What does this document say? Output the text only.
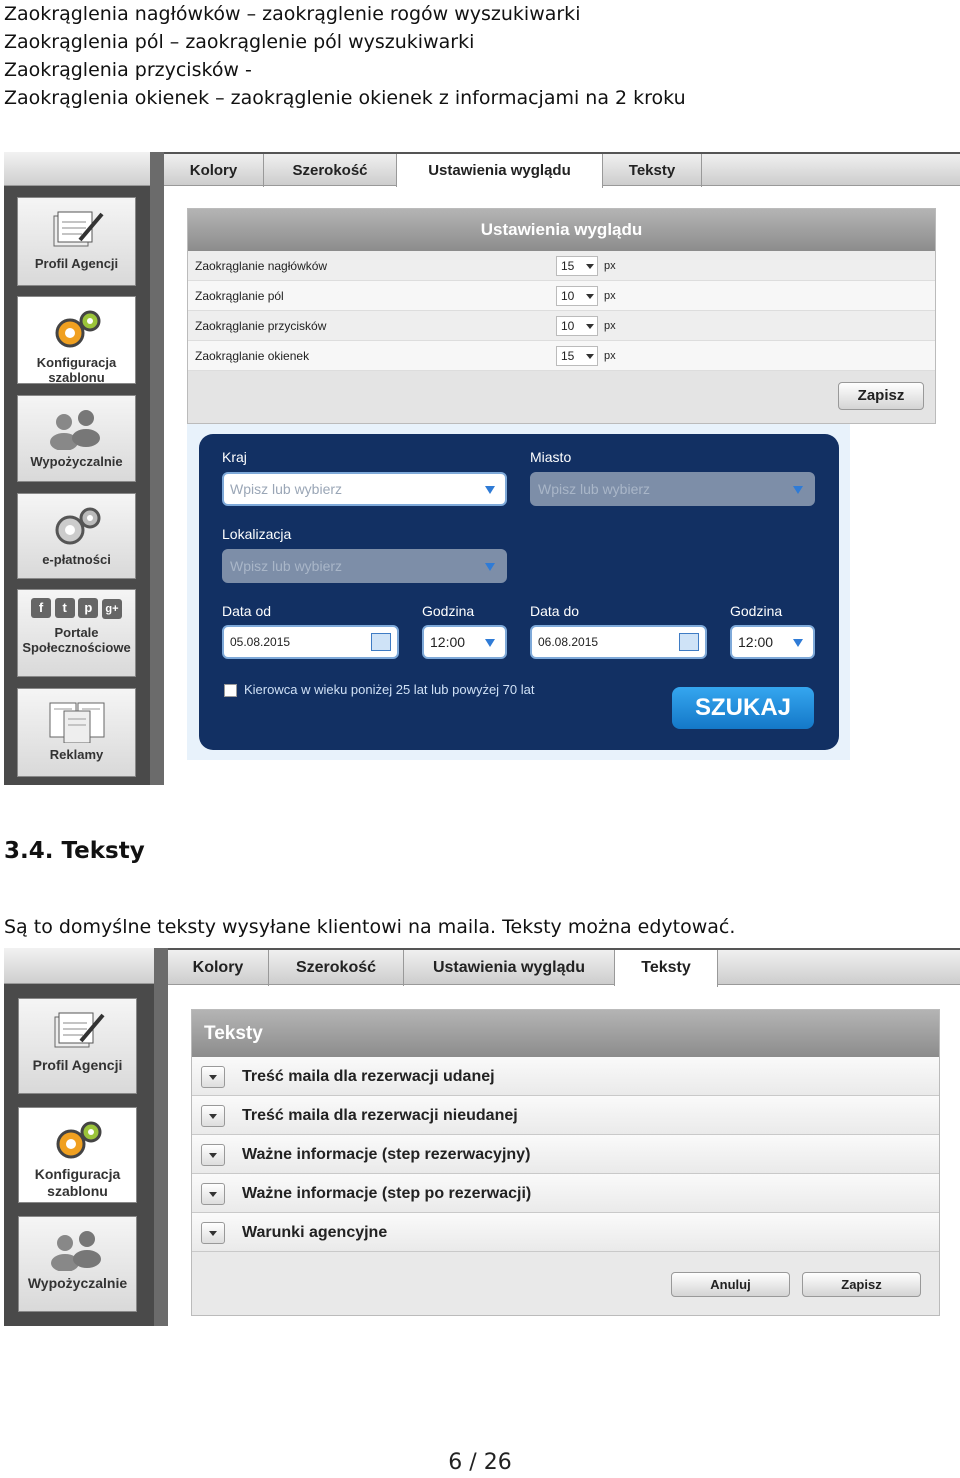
Zaokrąglenia nagłówków – zaokrąglenie rogów wyszukiwarki
Zaokrąglenia pól – zaokrąglenie pól wyszukiwarki
Zaokrąglenia przycisków -
Zaokrąglenia okienek – zaokrąglenie okienek z informacjami na 2 kroku
Profil Agencji
Konfiguracja szablonu
Wypożyczalnie
e-płatności
f t p g+
Portale Społecznościowe
Reklamy
Kolory	Szerokość	Ustawienia wyglądu	Teksty
Ustawienia wyglądu
Zaokrąglanie nagłówków	15	px
Zaokrąglanie pól	10	px
Zaokrąglanie przycisków	10	px
Zaokrąglanie okienek	15	px
Zapisz
Kraj
Wpisz lub wybierz
Miasto
Wpisz lub wybierz
Lokalizacja
Wpisz lub wybierz
Data od
05.08.2015
Godzina
12:00
Data do
06.08.2015
Godzina
12:00
Kierowca w wieku poniżej 25 lat lub powyżej 70 lat
SZUKAJ
3.4. Teksty
Są to domyślne teksty wysyłane klientowi na maila. Teksty można edytować.
Profil Agencji
Konfiguracja szablonu
Wypożyczalnie
Kolory	Szerokość	Ustawienia wyglądu	Teksty
Teksty
Treść maila dla rezerwacji udanej
Treść maila dla rezerwacji nieudanej
Ważne informacje (step rezerwacyjny)
Ważne informacje (step po rezerwacji)
Warunki agencyjne
Anuluj	Zapisz
6 / 26
